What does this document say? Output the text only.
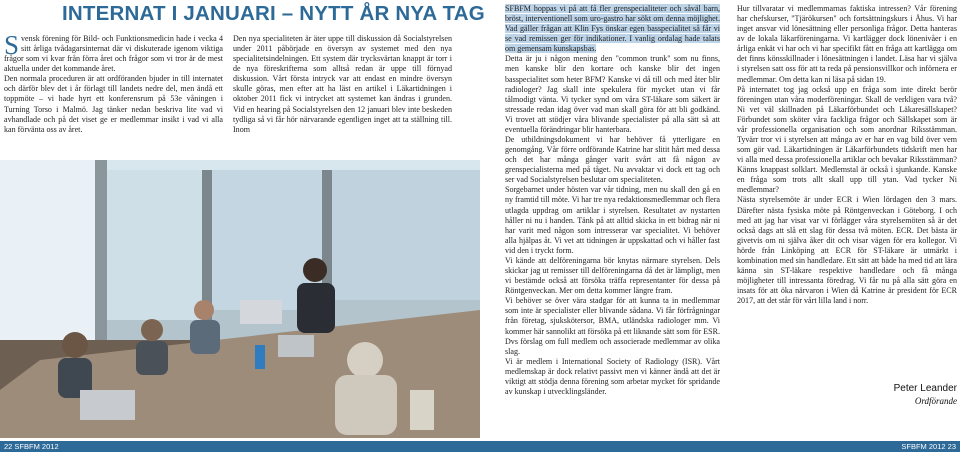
INTERNAT I JANUARI – NYTT ÅR NYA TAG

Svensk förening för Bild- och Funktionsmedicin hade i vecka 4 sitt årliga tvådagarsinternat där vi diskuterade igenom viktiga frågor som vi kvar från förra året och frågor som vi tror är de mest aktuella under det kommande året.

Den normala proceduren är att ordföranden bjuder in till internatet och därför blev det i år förlagt till landets nedre del, men ändå ett toppmöte – vi hade hyrt ett konferensrum på 53e våningen i Turning Torso i Malmö. Jag tänker nedan beskriva lite vad vi avhandlade och på det viset ge er medlemmar insikt i vad vi alla kan förvänta oss av året.

Den nya specialiteten är äter uppe till diskussion då Socialstyrelsen under 2011 påbörjade en översyn av systemet med den nya specialitetsindelningen. Ett system där trycksvärtan knappt är torr i de nya föreskrifterna som alltså redan är uppe till förnyad diskussion. Vårt första intryck var att endast en mindre översyn skulle göras, men efter att ha läst en artikel i Läkartidningen i oktober 2011 fick vi intrycket att systemet kan ändras i grunden. Vid en hearing på Socialstyrelsen den 12 januari blev inte beskeden tydliga så vi får hör närvarande egentligen inget att ta ställning till. Inom

SFBFM hoppas vi på att få fler grenspecialiteter och såväl barn, bröst, interventionell som uro-gastro har sökt om denna möjlighet. Vad gäller frågan att Klin Fys önskar egen basspecialitet så får vi se vad remissen ger för indikationer. I vanlig ordalag hade talats om gemensam kunskapsbas.

Detta är ju i någon mening den "common trunk" som nu finns, men kanske blir den kortare och kanske blir det ingen basspecialitet som heter BFM? Kanske vi då till och med åter blir radiologer? Jag skall inte spekulera för mycket utan vi får tålmodigt vänta. Vi tycker synd om våra ST-läkare som säkert är stressade redan idag över vad man skall göra för att bli godkänd. Vi trovet att stödjer våra blivande specialister på alla sätt så att eventuella förändringar blir hanterbara.

De utbildningsdokument vi har behöver få ytterligare en genomgång. Vår förre ordförande Katrine har slitit hårt med dessa och det har många gånger varit svårt att få någon av grenspecialisterna med på tåget. Nu avvaktar vi dock ett tag och ser vad Socialstyrelsen beslutar om specialiteten.

Sorgebarnet under hösten var vår tidning, men nu skall den gå en ny framtid till möte. Vi har tre nya redaktionsmedlemmar och flera utlagda uppdrag om artiklar i styrelsen. Resultatet av nystarten håller ni nu i handen. Tänk på att alltid skicka in ett bidrag när ni har varit med någon som intresserar var specialitet. Vi behöver alla hjälpas åt. Vi vet att tidningen är uppskattad och vi håller fast vid den i tryckt form.

Vi kände att delföreningarna bör knytas närmare styrelsen. Dels skickar jag ut remisser till delföreningarna då det är lämpligt, men vi bestämde också att försöka träffa representanter för dessa på Röntgenveckan. Mer om detta kommer längre fram.

Vi behöver se över vära stadgar för att kunna ta in medlemmar som inte är specialister eller blivande sådana. Vi får förfrågningar från företag, sjukskötersor, BMA, utländska radiologer mm. Vi kommer här sannolikt att försöka på ett liknande sätt som för ESR. Dvs förslag om full medlem och associerade medlemmar av olika slag.

Vi är medlem i International Society of Radiology (ISR). Vårt medlemskap är dock relativt passivt men vi känner ändå att det är viktigt att stödja denna förening som arbetar mycket för spridande av kunskap i utvecklingsländer.

Hur tillvaratar vi medlemmarnas faktiska intressen? Vår förening har chefskurser, "Tjärökursen" och fortsättningskurs i Åhus. Vi har inget ansvar vid lönesättning eller personliga frågor. Detta hanteras av de lokala läkarföreningarna. Vi kartlägger dock lönenivåer i en årliga enkät vi har och vi har specifikt fått en fråga att kartlägga om det finns könsskillnader i lönesättningen i landet. Läsa har vi själva i styrelsen satt oss för att ta reda på pensionsvillkor och införnera er medlemmar. Om detta kan ni läsa på sidan 19.

På internatet tog jag också upp en fråga som inte direkt berör föreningen utan våra moderföreningar. Skall de verkligen vara två? Ni vet väl skillnaden på Läkarförbundet och Läkaresällskapet? Förbundet som sköter våra fackliga frågor och Sällskapet som är vår professionella organisation och som anordnar Riksstämman. Tyvärr tror vi i styrelsen att många av er har en vag bild över vem som gör vad. Läkartidningen är Läkarförbundets tidskrift men har vi alla med dessa professionella artiklar och bevakar Riksstämman? Känns knappast solklart. Medlemstal är också i sjunkande. Kanske en fråga som trots allt skall upp till ytan. Vad tycker Ni medlemmar?

Nästa styrelsemöte är under ECR i Wien lördagen den 3 mars. Därefter nästa fysiska möte på Röntgenveckan i Göteborg. I och med att jag har visat var vi förlägger våra styrelsemöten så är det också dags att slå ett slag för dessa två möten. ECR. Det bästa är givetvis om ni själva åker dit och visar vägen för era kollegor. Vi hörde från Linköping att ECR för ST-läkare är utmärkt i kombination med sin handledare. Ett sätt att både ha med tid att lära känna sin ST-läkare respektive handledare och få många möjligheter till intressanta föredrag. Vi får nu på alla sätt göra en insats för att öka närvaron i Wien då Katrine är president för ECR 2017, att det står för vårt lilla land i norr.

Peter Leander
Ordförande
22 SFBFM 2012	SFBFM 2012 23
